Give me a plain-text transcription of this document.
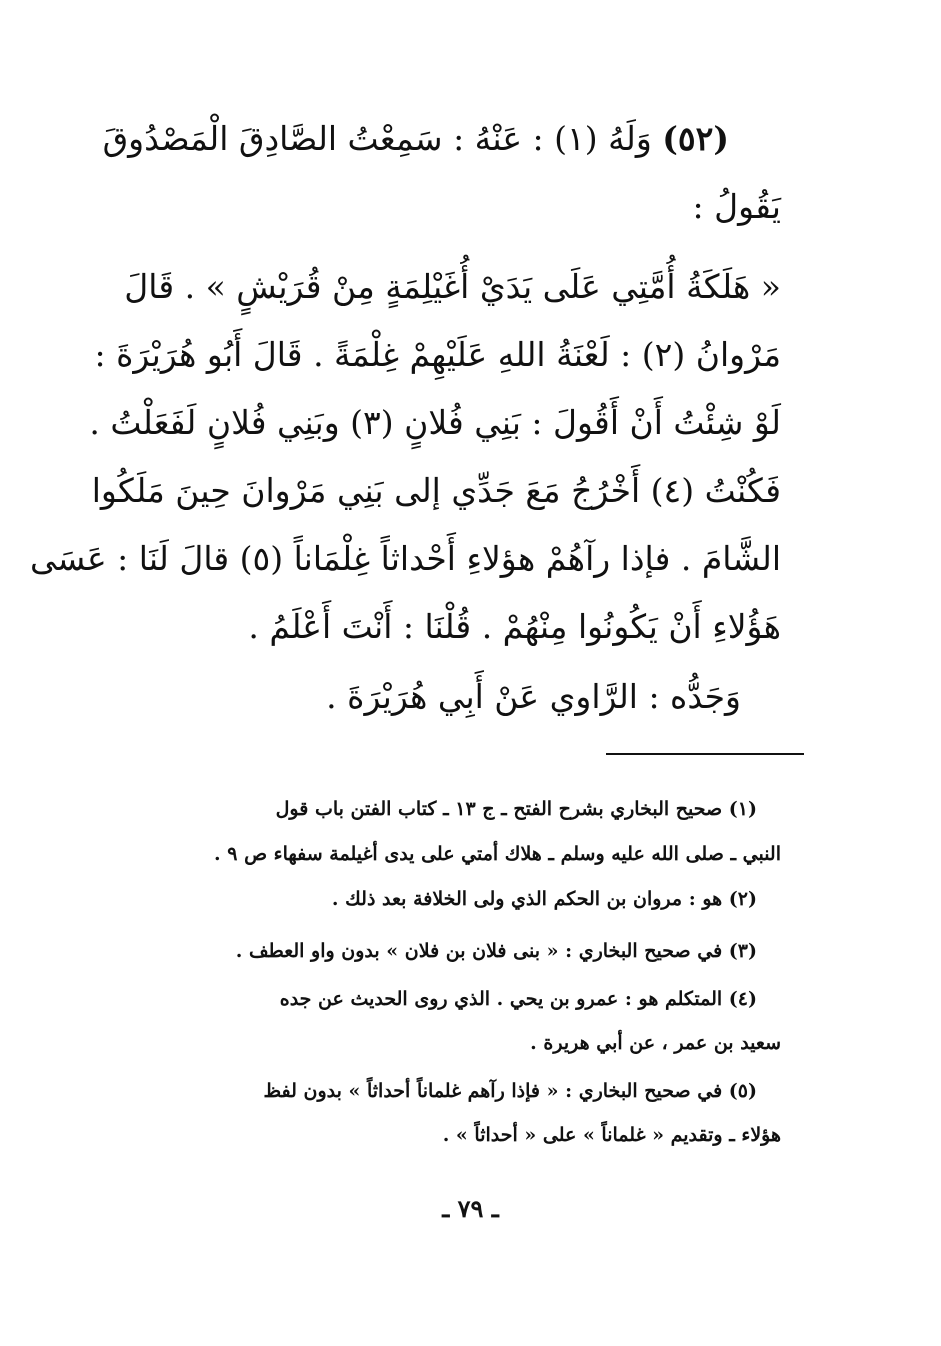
(٥٢) وَلَهُ (١) : عَنْهُ : سَمِعْتُ الصَّادِقَ الْمَصْدُوقَ
يَقُولُ :
« هَلَكَةُ أُمَّتِي عَلَى يَدَيْ أُغَيْلِمَةٍ مِنْ قُرَيْشٍ » . قَالَ
مَرْوانُ (٢) : لَعْنَةُ اللهِ عَلَيْهِمْ غِلْمَةً . قَالَ أَبُو هُرَيْرَةَ :
لَوْ شِئْتُ أَنْ أَقُولَ : بَنِي فُلانٍ (٣) وبَنِي فُلانٍ لَفَعَلْتُ .
فَكُنْتُ (٤) أَخْرُجُ مَعَ جَدِّي إلى بَنِي مَرْوانَ حِينَ مَلَكُوا
الشَّامَ . فإذا رآهُمْ هؤلاءِ أَحْداثاً غِلْمَاناً (٥) قالَ لَنَا : عَسَى
هَؤُلاءِ أَنْ يَكُونُوا مِنْهُمْ . قُلْنَا : أَنْتَ أَعْلَمُ .
وَجَدُّه : الرَّاوي عَنْ أَبِي هُرَيْرَةَ .
(١) صحيح البخاري بشرح الفتح ـ ج ١٣ ـ كتاب الفتن باب قول
النبي ـ صلى الله عليه وسلم ـ هلاك أمتي على يدى أغيلمة سفهاء ص ٩ .
(٢) هو : مروان بن الحكم الذي ولى الخلافة بعد ذلك .
(٣) في صحيح البخاري : « بنى فلان بن فلان » بدون واو العطف .
(٤) المتكلم هو : عمرو بن يحي . الذي روى الحديث عن جده
سعيد بن عمر ، عن أبي هريرة .
(٥) في صحيح البخاري : « فإذا رآهم غلماناً أحداثاً » بدون لفظ
هؤلاء ـ وتقديم « غلماناً » على « أحداثاً » .
ـ ٧٩ ـ
